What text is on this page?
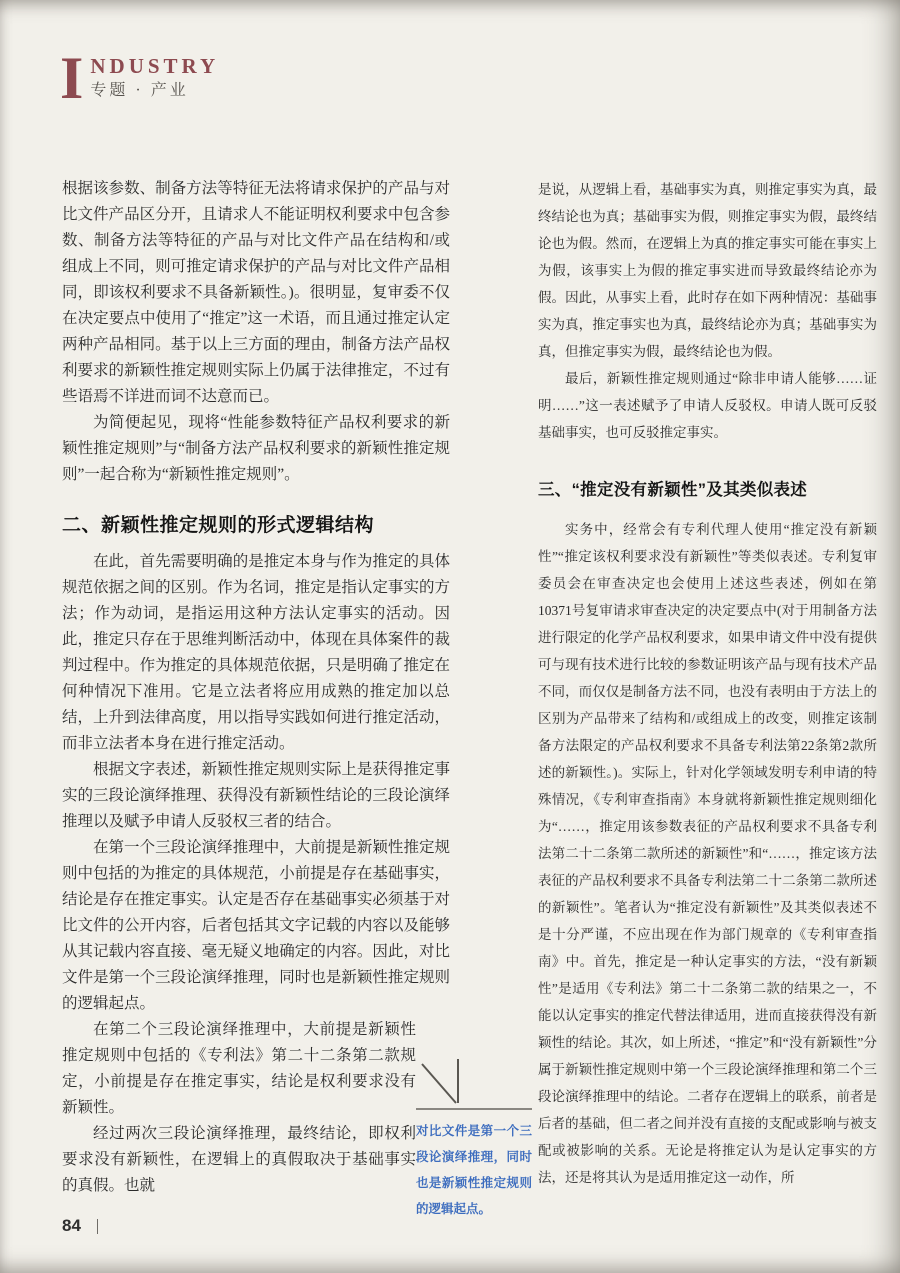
I NDUSTRY
专题 · 产业

根据该参数、制备方法等特征无法将请求保护的产品与对比文件产品区分开，且请求人不能证明权利要求中包含参数、制备方法等特征的产品与对比文件产品在结构和/或组成上不同，则可推定请求保护的产品与对比文件产品相同，即该权利要求不具备新颖性。)。很明显，复审委不仅在决定要点中使用了“推定”这一术语，而且通过推定认定两种产品相同。基于以上三方面的理由，制备方法产品权利要求的新颖性推定规则实际上仍属于法律推定，不过有些语焉不详进而词不达意而已。

为简便起见，现将“性能参数特征产品权利要求的新颖性推定规则”与“制备方法产品权利要求的新颖性推定规则”一起合称为“新颖性推定规则”。

二、新颖性推定规则的形式逻辑结构

在此，首先需要明确的是推定本身与作为推定的具体规范依据之间的区别。作为名词，推定是指认定事实的方法；作为动词，是指运用这种方法认定事实的活动。因此，推定只存在于思维判断活动中，体现在具体案件的裁判过程中。作为推定的具体规范依据，只是明确了推定在何种情况下准用。它是立法者将应用成熟的推定加以总结，上升到法律高度，用以指导实践如何进行推定活动，而非立法者本身在进行推定活动。

根据文字表述，新颖性推定规则实际上是获得推定事实的三段论演绎推理、获得没有新颖性结论的三段论演绎推理以及赋予申请人反驳权三者的结合。

在第一个三段论演绎推理中，大前提是新颖性推定规则中包括的为推定的具体规范，小前提是存在基础事实，结论是存在推定事实。认定是否存在基础事实必须基于对比文件的公开内容，后者包括其文字记载的内容以及能够从其记载内容直接、毫无疑义地确定的内容。因此，对比文件是第一个三段论演绎推理，同时也是新颖性推定规则的逻辑起点。

在第二个三段论演绎推理中，大前提是新颖性推定规则中包括的《专利法》第二十二条第二款规定，小前提是存在推定事实，结论是权利要求没有新颖性。

经过两次三段论演绎推理，最终结论，即权利要求没有新颖性，在逻辑上的真假取决于基础事实的真假。也就

对比文件是第一个三段论演绎推理，同时也是新颖性推定规则的逻辑起点。

是说，从逻辑上看，基础事实为真，则推定事实为真，最终结论也为真；基础事实为假，则推定事实为假，最终结论也为假。然而，在逻辑上为真的推定事实可能在事实上为假，该事实上为假的推定事实进而导致最终结论亦为假。因此，从事实上看，此时存在如下两种情况：基础事实为真，推定事实也为真，最终结论亦为真；基础事实为真，但推定事实为假，最终结论也为假。

最后，新颖性推定规则通过“除非申请人能够……证明……”这一表述赋予了申请人反驳权。申请人既可反驳基础事实，也可反驳推定事实。

三、“推定没有新颖性”及其类似表述

实务中，经常会有专利代理人使用“推定没有新颖性”“推定该权利要求没有新颖性”等类似表述。专利复审委员会在审查决定也会使用上述这些表述，例如在第10371号复审请求审查决定的决定要点中(对于用制备方法进行限定的化学产品权利要求，如果申请文件中没有提供可与现有技术进行比较的参数证明该产品与现有技术产品不同，而仅仅是制备方法不同，也没有表明由于方法上的区别为产品带来了结构和/或组成上的改变，则推定该制备方法限定的产品权利要求不具备专利法第22条第2款所述的新颖性。)。实际上，针对化学领域发明专利申请的特殊情况，《专利审查指南》本身就将新颖性推定规则细化为“……，推定用该参数表征的产品权利要求不具备专利法第二十二条第二款所述的新颖性”和“……，推定该方法表征的产品权利要求不具备专利法第二十二条第二款所述的新颖性”。笔者认为“推定没有新颖性”及其类似表述不是十分严谨，不应出现在作为部门规章的《专利审查指南》中。首先，推定是一种认定事实的方法，“没有新颖性”是适用《专利法》第二十二条第二款的结果之一，不能以认定事实的推定代替法律适用，进而直接获得没有新颖性的结论。其次，如上所述，“推定”和“没有新颖性”分属于新颖性推定规则中第一个三段论演绎推理和第二个三段论演绎推理中的结论。二者存在逻辑上的联系，前者是后者的基础，但二者之间并没有直接的支配或影响与被支配或被影响的关系。无论是将推定认为是认定事实的方法，还是将其认为是适用推定这一动作，所

84
